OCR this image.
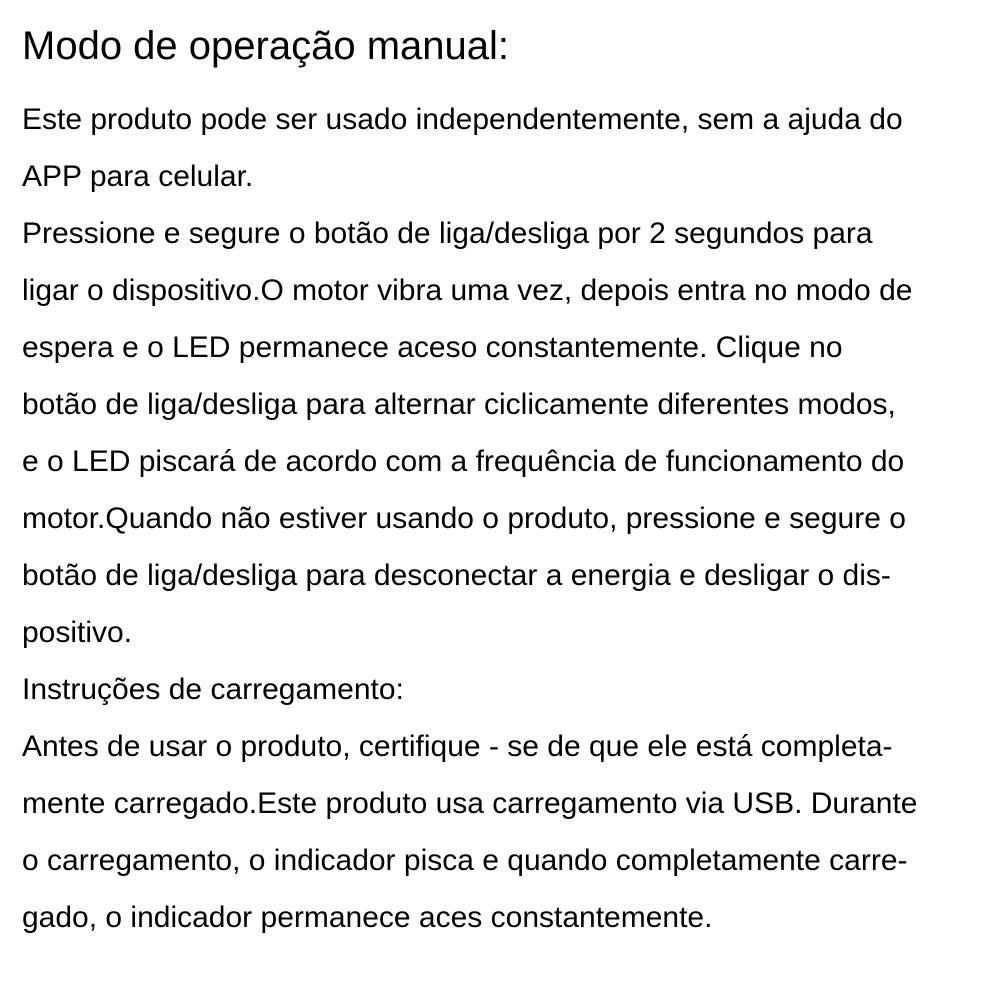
Modo de operação manual:
Este produto pode ser usado independentemente, sem a ajuda do
APP para celular.
Pressione e segure o botão de liga/desliga por 2 segundos para
ligar o dispositivo.O motor vibra uma vez, depois entra no modo de
espera e o LED permanece aceso constantemente. Clique no
botão de liga/desliga para alternar ciclicamente diferentes modos,
e o LED piscará de acordo com a frequência de funcionamento do
motor.Quando não estiver usando o produto, pressione e segure o
botão de liga/desliga para desconectar a energia e desligar o dis-
positivo.
Instruções de carregamento:
Antes de usar o produto, certifique - se de que ele está completa-
mente carregado.Este produto usa carregamento via USB. Durante
o carregamento, o indicador pisca e quando completamente carre-
gado, o indicador permanece aces constantemente.
